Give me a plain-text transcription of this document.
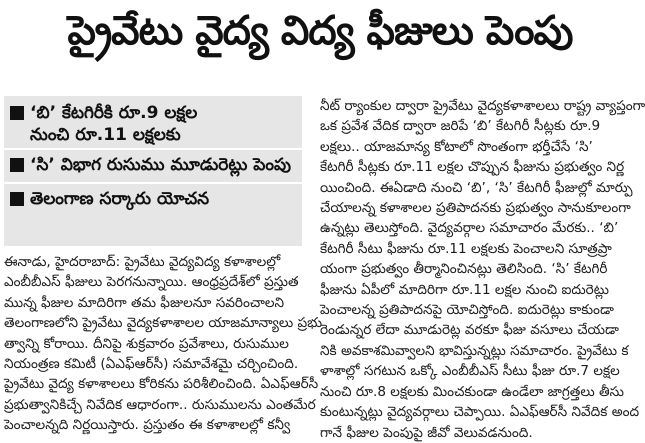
ప్రైవేటు వైద్య విద్య ఫీజులు పెంపు
‘బి’ కేటగిరీకి రూ.9 లక్షల
నుంచి రూ.11 లక్షలకు
‘సి’ విభాగ రుసుము మూడురెట్లు పెంపు
తెలంగాణ సర్కారు యోచన

ఈనాడు, హైదరాబాద్‌: ప్రైవేటు వైద్యవిద్య కళాశాలల్లో

ఎంబీబీఎస్‌ ఫీజులు పెరగనున్నాయి. ఆంధ్రప్రదేశ్‌లో ప్రస్తుత

మున్న ఫీజుల మాదిరిగా తమ ఫీజులనూ సవరించాలని

తెలంగాణలోని ప్రైవేటు వైద్యకళాశాలల యాజమాన్యాలు ప్రభు

త్వాన్ని కోరాయి. దీనిపై శుక్రవారం ప్రవేశాలు, రుసుముల

నియంత్రణ కమిటీ (ఏఎఫ్‌ఆర్‌సీ) సమావేశమై చర్చించింది.

ప్రైవేటు వైద్య కళాశాలలు కోరికను పరిశీలించింది. ఏఎఫ్‌ఆర్‌సీ

ప్రభుత్వానికిచ్చే నివేదిక ఆధారంగా.. రుసుములను ఎంతమేర

పెంచాలన్నది నిర్ణయిస్తారు. ప్రస్తుతం ఈ కళాశాలల్లో కన్వీ

నీట్‌ ర్యాంకుల ద్వారా ప్రైవేటు వైద్యకళాశాలలు రాష్ట్ర వ్యాప్తంగా

ఒక ప్రవేశ వేదిక ద్వారా జరిపే ‘బి’ కేటగిరీ సీట్లకు రూ.9

లక్షలు.. యాజమాన్య కోటాలో సొంతంగా భర్తీచేసే ‘సి’

కేటగిరీ సీట్లకు రూ.11 లక్షల చొప్పున ఫీజును ప్రభుత్వం నిర్ణ

యించింది. ఈఏడాది నుంచి ‘బి’, ‘సి’ కేటగిరీ ఫీజుల్లో మార్పు

చేయాలన్న కళాశాలల ప్రతిపాదనకు ప్రభుత్వం సానుకూలంగా

ఉన్నట్లు తెలుస్తోంది. వైద్యవర్గాల సమాచారం మేరకు.. ‘బి’

కేటగిరీ సీటు ఫీజును రూ.11 లక్షలకు పెంచాలని సూత్రప్రా

యంగా ప్రభుత్వం తీర్మానించినట్లు తెలిసింది. ‘సి’ కేటగిరీ

ఫీజును ఏపీలో మాదిరిగా రూ.11 లక్షల నుంచి ఐదురెట్లు

పెంచాలన్న ప్రతిపాదనపై యోచిస్తోంది. ఐదురెట్లు కాకుండా

రెండున్నర లేదా మూడురెట్ల వరకూ ఫీజు వసూలు చేయడా

నికి అవకాశమివ్వాలని భావిస్తున్నట్లు సమాచారం. ప్రైవేటు క

ళాశాల్లో సగటున ఒక్కో ఎంబీబీఎస్‌ సీటు ఫీజు రూ.7 లక్షల

నుంచి రూ.8 లక్షలకు మించకుండా ఉండేలా జాగ్రత్తలు తీసు

కుంటున్నట్లు వైద్యవర్గాలు చెప్పాయి. ఏఎఫ్‌ఆర్‌సీ నివేదిక అంద

గానే ఫీజుల పెంపుపై జీవో వెలువడనుంది.
